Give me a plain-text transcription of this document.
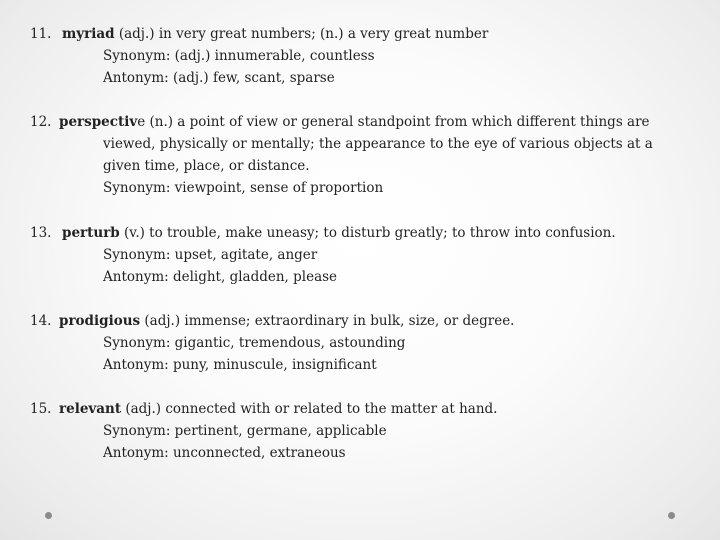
11. myriad (adj.) in very great numbers; (n.) a very great number
Synonym: (adj.) innumerable, countless
Antonym: (adj.) few, scant, sparse
12. perspective (n.) a point of view or general standpoint from which different things are
viewed, physically or mentally; the appearance to the eye of various objects at a
given time, place, or distance.
Synonym: viewpoint, sense of proportion
13. perturb (v.) to trouble, make uneasy; to disturb greatly; to throw into confusion.
Synonym: upset, agitate, anger
Antonym: delight, gladden, please
14. prodigious (adj.) immense; extraordinary in bulk, size, or degree.
Synonym: gigantic, tremendous, astounding
Antonym: puny, minuscule, insignificant
15. relevant (adj.) connected with or related to the matter at hand.
Synonym: pertinent, germane, applicable
Antonym: unconnected, extraneous
